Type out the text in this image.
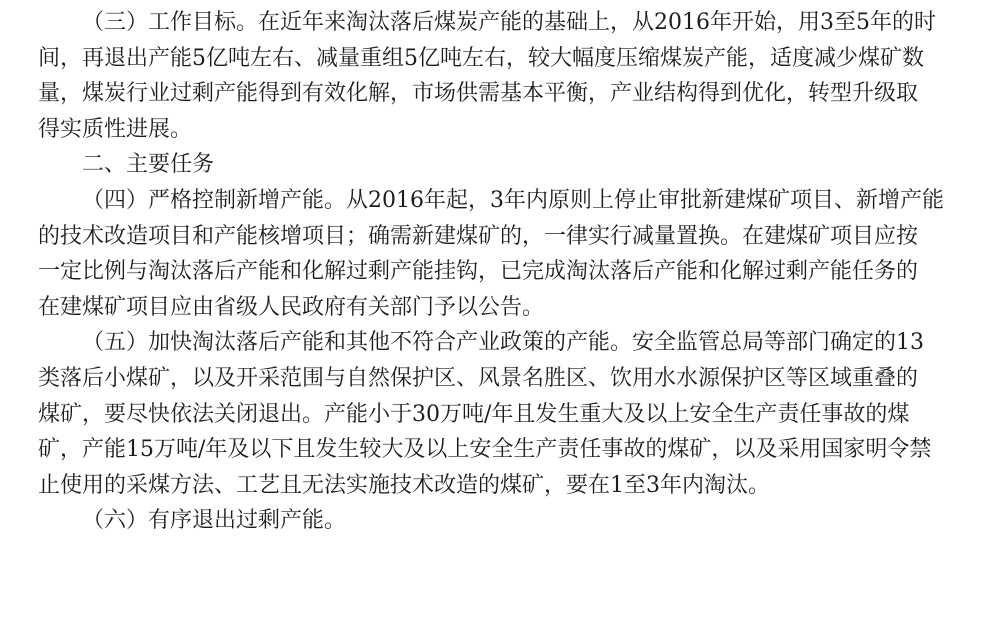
（三）工作目标。在近年来淘汰落后煤炭产能的基础上，从2016年开始，用3至5年的时
间，再退出产能5亿吨左右、减量重组5亿吨左右，较大幅度压缩煤炭产能，适度减少煤矿数
量，煤炭行业过剩产能得到有效化解，市场供需基本平衡，产业结构得到优化，转型升级取
得实质性进展。

二、主要任务

（四）严格控制新增产能。从2016年起，3年内原则上停止审批新建煤矿项目、新增产能
的技术改造项目和产能核增项目；确需新建煤矿的，一律实行减量置换。在建煤矿项目应按
一定比例与淘汰落后产能和化解过剩产能挂钩，已完成淘汰落后产能和化解过剩产能任务的
在建煤矿项目应由省级人民政府有关部门予以公告。

（五）加快淘汰落后产能和其他不符合产业政策的产能。安全监管总局等部门确定的13
类落后小煤矿，以及开采范围与自然保护区、风景名胜区、饮用水水源保护区等区域重叠的
煤矿，要尽快依法关闭退出。产能小于30万吨/年且发生重大及以上安全生产责任事故的煤
矿，产能15万吨/年及以下且发生较大及以上安全生产责任事故的煤矿，以及采用国家明令禁
止使用的采煤方法、工艺且无法实施技术改造的煤矿，要在1至3年内淘汰。

（六）有序退出过剩产能。
